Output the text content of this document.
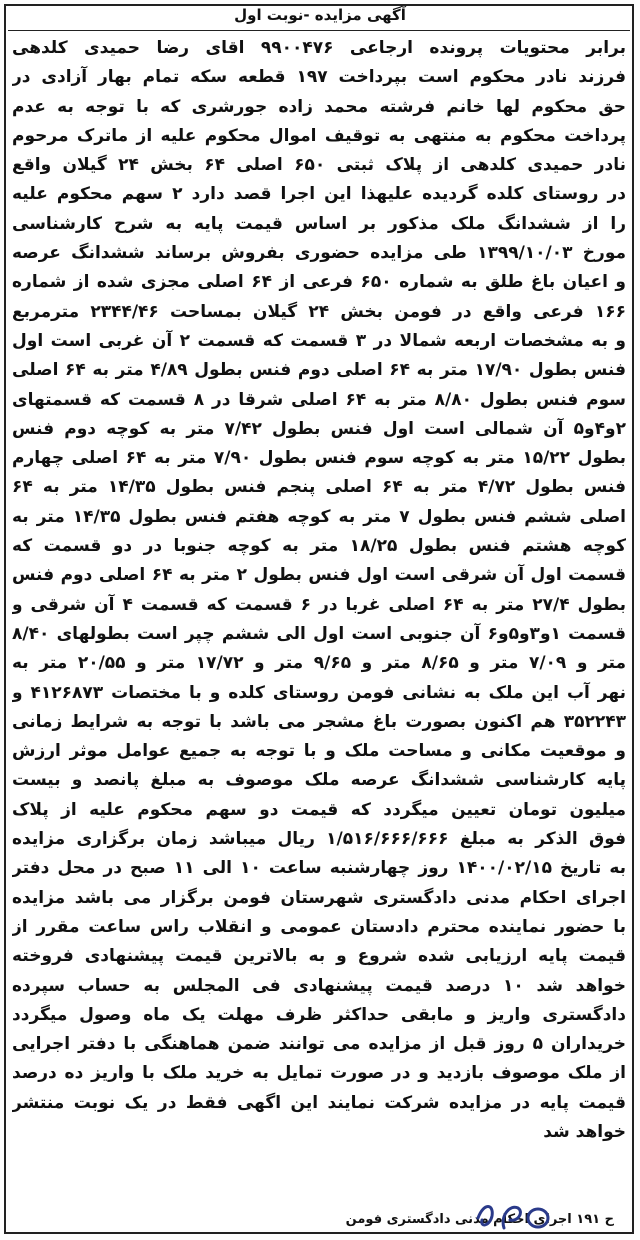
آگهی مزایده -نوبت اول
برابر محتویات پرونده ارجاعی ۹۹۰۰۴۷۶ اقای رضا حمیدی کلدهی
فرزند نادر محکوم است بپرداخت ۱۹۷ قطعه سکه تمام بهار آزادی در
حق محکوم لها خانم فرشته محمد زاده جورشری که با توجه به عدم
پرداخت محکوم به منتهی به توقیف اموال محکوم علیه از ماترک مرحوم
نادر حمیدی کلدهی از پلاک ثبتی ۶۵۰ اصلی ۶۴ بخش ۲۴ گیلان واقع
در روستای کلده گردیده علیهذا این اجرا قصد دارد ۲ سهم محکوم علیه
را از ششدانگ ملک مذکور بر اساس قیمت پایه به شرح کارشناسی
مورخ ۱۳۹۹/۱۰/۰۳ طی مزایده حضوری بفروش برساند ششدانگ عرصه
و اعیان باغ طلق به شماره ۶۵۰ فرعی از ۶۴ اصلی مجزی شده از شماره
۱۶۶ فرعی واقع در فومن بخش ۲۴ گیلان بمساحت ۲۳۴۴/۴۶ مترمربع
و به مشخصات اربعه شمالا در ۳ قسمت که قسمت ۲ آن غربی است اول
فنس بطول ۱۷/۹۰ متر به ۶۴ اصلی دوم فنس بطول ۴/۸۹ متر به ۶۴ اصلی
سوم فنس بطول ۸/۸۰ متر به ۶۴ اصلی شرقا در ۸ قسمت که قسمتهای
۲و۴و۵ آن شمالی است اول فنس بطول ۷/۴۲ متر به کوچه دوم فنس
بطول ۱۵/۲۲ متر به کوچه سوم فنس بطول ۷/۹۰ متر به ۶۴ اصلی چهارم
فنس بطول ۴/۷۲ متر به ۶۴ اصلی پنجم فنس بطول ۱۴/۳۵ متر به ۶۴
اصلی ششم فنس بطول ۷ متر به کوچه هفتم فنس بطول ۱۴/۳۵ متر به
کوچه هشتم فنس بطول ۱۸/۲۵ متر به کوچه جنوبا در دو قسمت که
قسمت اول آن شرقی است اول فنس بطول ۲ متر به ۶۴ اصلی دوم فنس
بطول ۲۷/۴ متر به ۶۴ اصلی غربا در ۶ قسمت که قسمت ۴ آن شرقی و
قسمت ۱و۳و۵و۶ آن جنوبی است اول الی ششم چپر است بطولهای ۸/۴۰
متر و ۷/۰۹ متر و ۸/۶۵ متر و ۹/۶۵ متر و ۱۷/۷۲ متر و ۲۰/۵۵ متر به
نهر آب این ملک به نشانی فومن روستای کلده و با مختصات ۴۱۲۶۸۷۳ و
۳۵۲۲۴۳ هم اکنون بصورت باغ مشجر می باشد با توجه به شرایط زمانی
و موقعیت مکانی و مساحت ملک و با توجه به جمیع عوامل موثر ارزش
پایه کارشناسی ششدانگ عرصه ملک موصوف به مبلغ پانصد و بیست
میلیون تومان تعیین میگردد که قیمت دو سهم محکوم علیه از پلاک
فوق الذکر به مبلغ ۱/۵۱۶/۶۶۶/۶۶۶ ریال میباشد زمان برگزاری مزایده
به تاریخ ۱۴۰۰/۰۲/۱۵ روز چهارشنبه ساعت ۱۰ الی ۱۱ صبح در محل دفتر
اجرای احکام مدنی دادگستری شهرستان فومن برگزار می باشد مزایده
با حضور نماینده محترم دادستان عمومی و انقلاب راس ساعت مقرر از
قیمت پایه ارزیابی شده شروع و به بالاترین قیمت پیشنهادی فروخته
خواهد شد ۱۰ درصد قیمت پیشنهادی فی المجلس به حساب سپرده
دادگستری واریز و مابقی حداکثر ظرف مهلت یک ماه وصول میگردد
خریداران ۵ روز قبل از مزایده می توانند ضمن هماهنگی با دفتر اجرایی
از ملک موصوف بازدید و در صورت تمایل به خرید ملک با واریز ده درصد
قیمت پایه در مزایده شرکت نمایند این اگهی فقط در یک نوبت منتشر
خواهد شد
ح ۱۹۱ اجرای احکام مدنی دادگستری فومن
